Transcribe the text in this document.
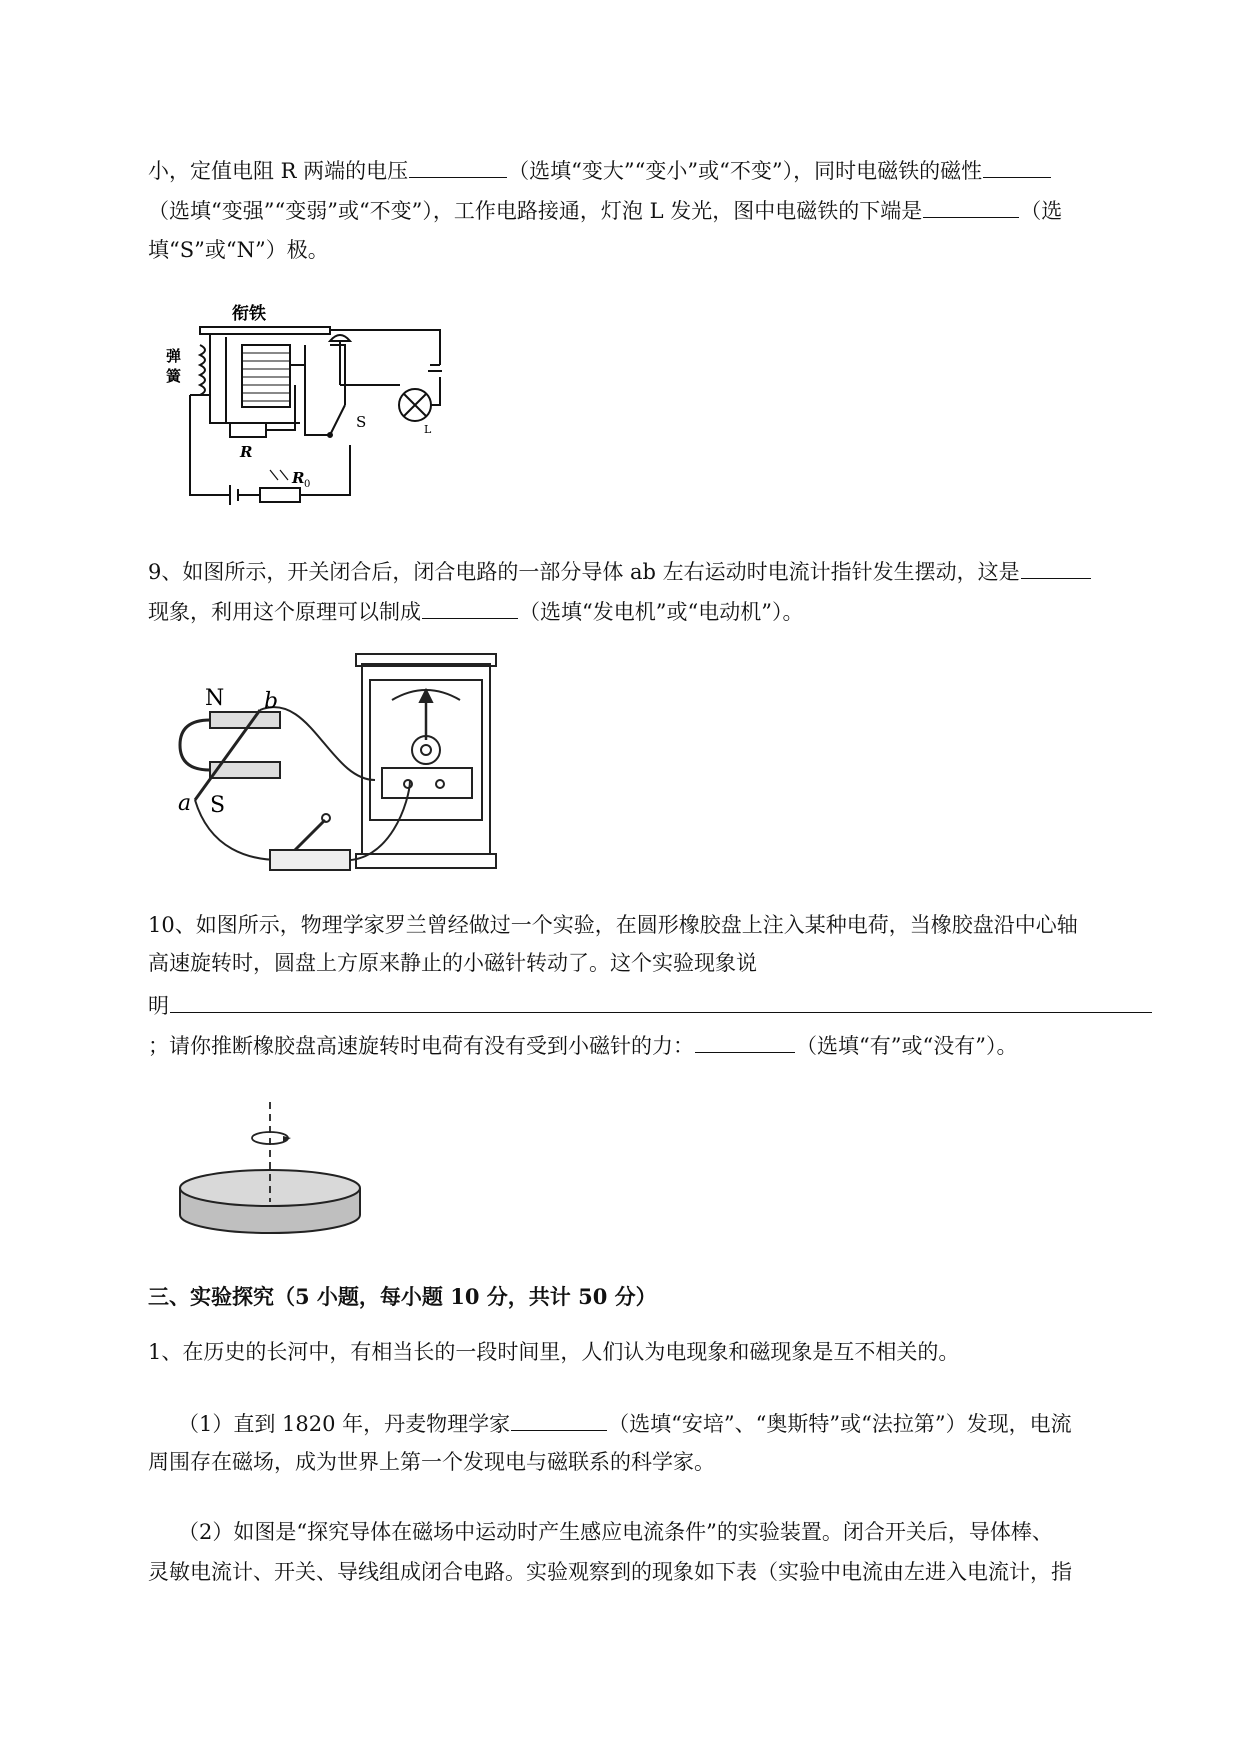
小，定值电阻 R 两端的电压	（选填“变大”“变小”或“不变”），同时电磁铁的磁性
（选填“变强”“变弱”或“不变”），工作电路接通，灯泡 L 发光，图中电磁铁的下端是	（选
填“S”或“N”）极。
衔铁
弹
簧
R
S	L
R 0
9、如图所示，开关闭合后，闭合电路的一部分导体 ab 左右运动时电流计指针发生摆动，这是
现象，利用这个原理可以制成	（选填“发电机”或“电动机”）。
N
S
a
b
10、如图所示，物理学家罗兰曾经做过一个实验，在圆形橡胶盘上注入某种电荷，当橡胶盘沿中心轴
高速旋转时，圆盘上方原来静止的小磁针转动了。这个实验现象说
明
；请你推断橡胶盘高速旋转时电荷有没有受到小磁针的力：	（选填“有”或“没有”）。
三、实验探究（5 小题，每小题 10 分，共计 50 分）
1、在历史的长河中，有相当长的一段时间里，人们认为电现象和磁现象是互不相关的。
（1）直到 1820 年，丹麦物理学家	（选填“安培”、“奥斯特”或“法拉第”）发现，电流
周围存在磁场，成为世界上第一个发现电与磁联系的科学家。
（2）如图是“探究导体在磁场中运动时产生感应电流条件”的实验装置。闭合开关后，导体棒、
灵敏电流计、开关、导线组成闭合电路。实验观察到的现象如下表（实验中电流由左进入电流计，指
